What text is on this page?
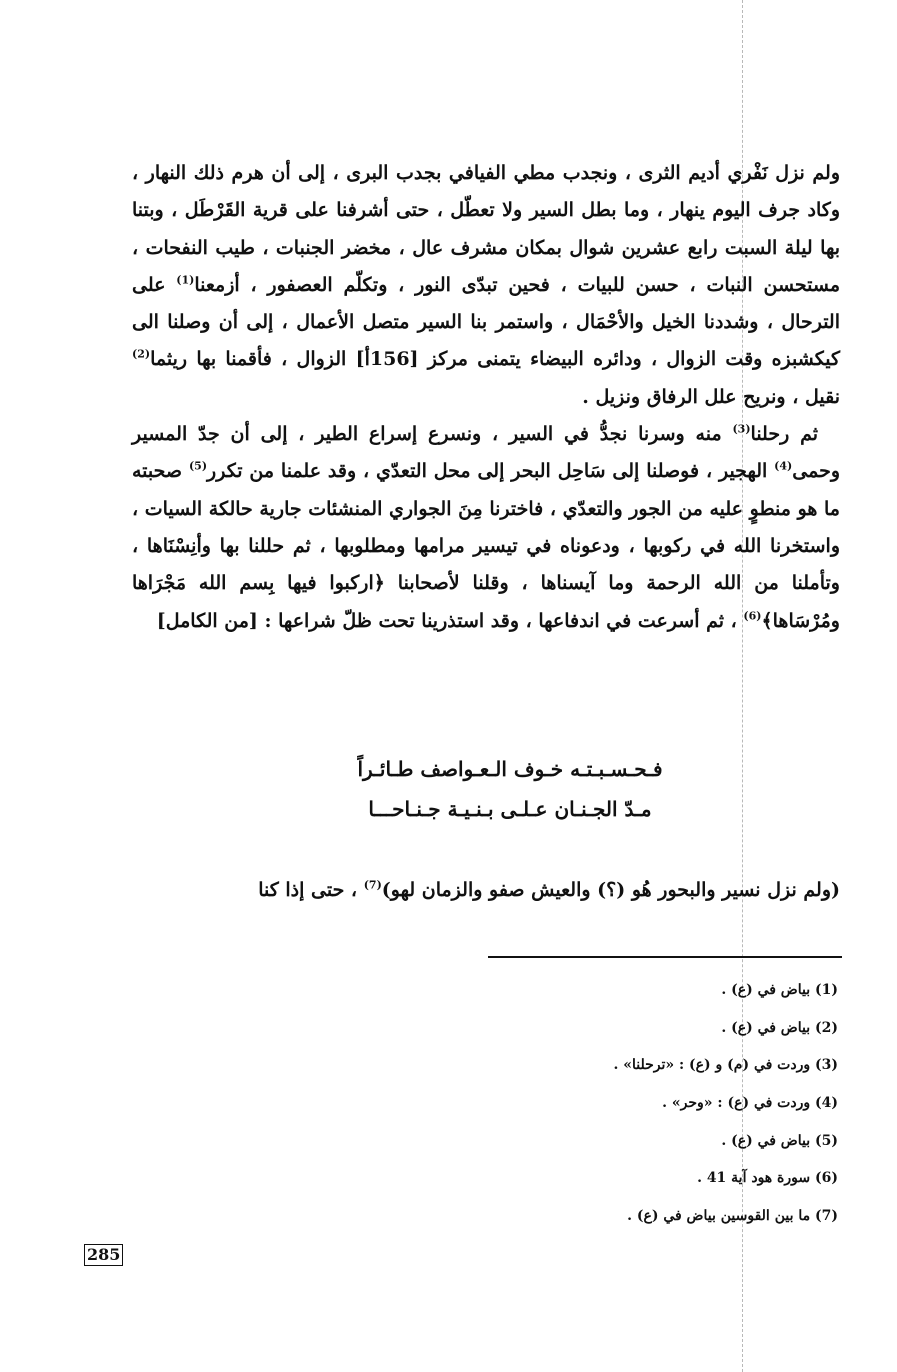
ولم نزل نَفْري أديم الثرى ، ونجدب مطي الفيافي بجدب البرى ، إلى أن هرم ذلك النهار ، وكاد جرف اليوم ينهار ، وما بطل السير ولا تعطّل ، حتى أشرفنا على قرية القَرْطَل ، وبتنا بها ليلة السبت رابع عشرين شوال بمكان مشرف عال ، مخضر الجنبات ، طيب النفحات ، مستحسن النبات ، حسن للبيات ، فحين تبدّى النور ، وتكلّم العصفور ، أزمعنا$^{(1)}$ على الترحال ، وشددنا الخيل والأحْمَال ، واستمر بنا السير متصل الأعمال ، إلى أن وصلنا الى كيكشبزه وقت الزوال ، ودائره البيضاء يتمنى مركز [156أ] الزوال ، فأقمنا بها ريثما$^{(2)}$ نقيل ، ونريح علل الرفاق ونزيل .

ثم رحلنا$^{(3)}$ منه وسرنا نجدُّ في السير ، ونسرع إسراع الطير ، إلى أن جدّ المسير وحمى$^{(4)}$ الهجير ، فوصلنا إلى سَاحِل البحر إلى محل التعدّي ، وقد علمنا من تكرر$^{(5)}$ صحبته ما هو منطوٍ عليه من الجور والتعدّي ، فاخترنا مِنَ الجواري المنشئات جارية حالكة السيات ، واستخرنا الله في ركوبها ، ودعوناه في تيسير مرامها ومطلوبها ، ثم حللنا بها وأنِسْنَاها ، وتأملنا من الله الرحمة وما آيسناها ، وقلنا لأصحابنا ﴿اركبوا فيها بِسم الله مَجْرَاها ومُرْسَاها﴾$^{(6)}$ ، ثم أسرعت في اندفاعها ، وقد استذرينا تحت ظلّ شراعها : [من الكامل]

فـحـسـبـتـه خـوف الـعـواصف طـائـراً
مـدّ الجـنـان عـلـى بـنـيـة جـنـاحـــا

(ولم نزل نسير والبحور هُو (؟) والعيش صفو والزمان لهو)$^{(7)}$ ، حتى إذا كنا

(1) بياض في (ع) .
(2) بياض في (ع) .
(3) وردت في (م) و (ع) : «ترحلنا» .
(4) وردت في (ع) : «وحر» .
(5) بياض في (ع) .
(6) سورة هود آية 41 .
(7) ما بين القوسين بياض في (ع) .
285
